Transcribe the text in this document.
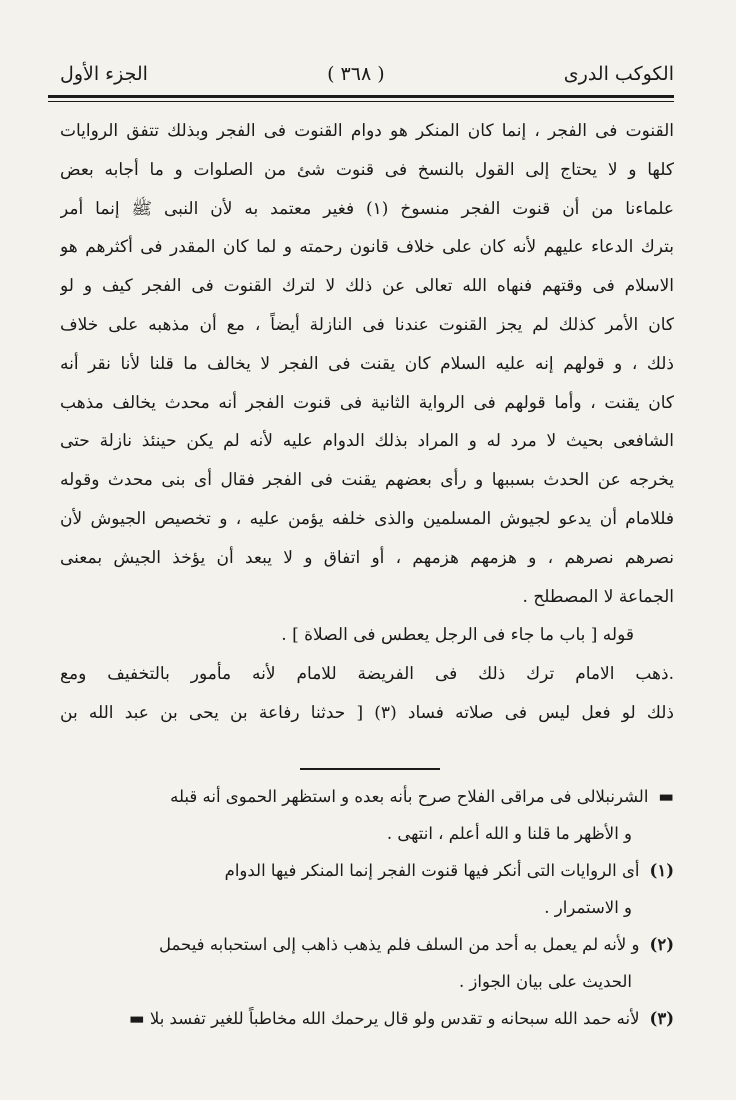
الكوكب الدرى
( ٣٦٨ )
الجزء الأول
القنوت فى الفجر ، إنما كان المنكر هو دوام القنوت فى الفجر وبذلك تتفق الروايات
كلها و لا يحتاج إلى القول بالنسخ فى قنوت شئ من الصلوات و ما أجابه بعض
علماءنا من أن قنوت الفجر منسوخ (١) فغير معتمد به لأن النبى ﷺ إنما أمر
بترك الدعاء عليهم لأنه كان على خلاف قانون رحمته و لما كان المقدر فى أكثرهم هو
الاسلام فى وقتهم فنهاه الله تعالى عن ذلك لا لترك القنوت فى الفجر كيف و لو
كان الأمر كذلك لم يجز القنوت عندنا فى النازلة أيضاً ، مع أن مذهبه على خلاف
ذلك ، و قولهم إنه عليه السلام كان يقنت فى الفجر لا يخالف ما قلنا لأنا نقر أنه
كان يقنت ، وأما قولهم فى الرواية الثانية فى قنوت الفجر أنه محدث يخالف مذهب
الشافعى بحيث لا مرد له و المراد بذلك الدوام عليه لأنه لم يكن حينئذ نازلة حتى
يخرجه عن الحدث بسببها و رأى بعضهم يقنت فى الفجر فقال أى بنى محدث وقوله
فللامام أن يدعو لجيوش المسلمين والذى خلفه يؤمن عليه ، و تخصيص الجيوش لأن
نصرهم نصرهم ، و هزمهم هزمهم ، أو اتفاق و لا يبعد أن يؤخذ الجيش بمعنى
الجماعة لا المصطلح .
قوله [ باب ما جاء فى الرجل يعطس فى الصلاة ] .
.ذهب الامام ترك ذلك فى الفريضة للامام لأنه مأمور بالتخفيف ومع
ذلك لو فعل ليس فى صلاته فساد (٣) [ حدثنا رفاعة بن يحى بن عبد الله بن
▬الشرنبلالى فى مراقى الفلاح صرح بأنه بعده و استظهر الحموى أنه قبله
و الأظهر ما قلنا و الله أعلم ، انتهى .
(١)أى الروايات التى أنكر فيها قنوت الفجر إنما المنكر فيها الدوام
و الاستمرار .
(٢)و لأنه لم يعمل به أحد من السلف فلم يذهب ذاهب إلى استحبابه فيحمل
الحديث على بيان الجواز .
(٣)لأنه حمد الله سبحانه و تقدس ولو قال يرحمك الله مخاطباً للغير تفسد بلا ▬
